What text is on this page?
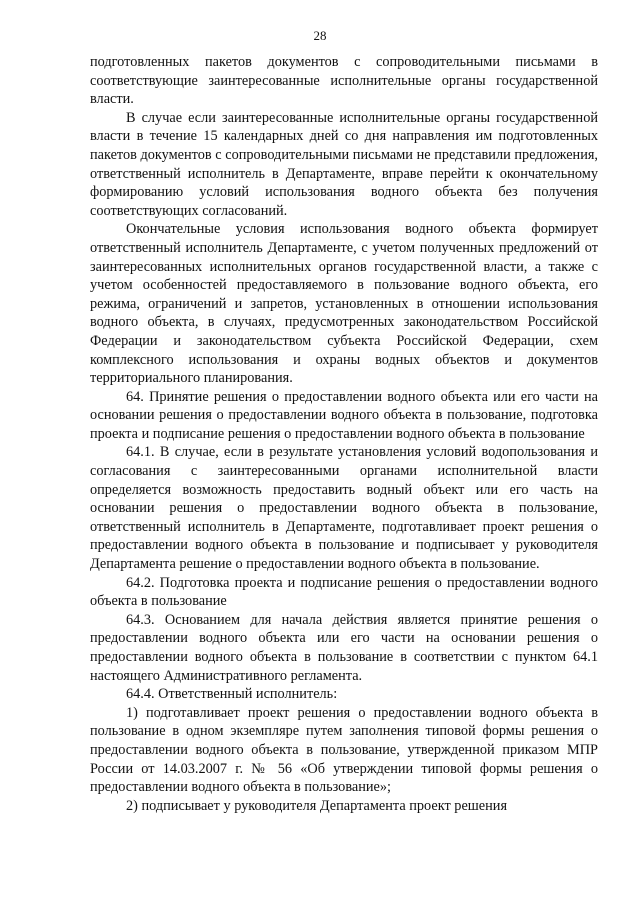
28

подготовленных пакетов документов с сопроводительными письмами в соответствующие заинтересованные исполнительные органы государственной власти.

В случае если заинтересованные исполнительные органы государственной власти в течение 15 календарных дней со дня направления им подготовленных пакетов документов с сопроводительными письмами не представили предложения, ответственный исполнитель в Департаменте, вправе перейти к окончательному формированию условий использования водного объекта без получения соответствующих согласований.

Окончательные условия использования водного объекта формирует ответственный исполнитель Департаменте, с учетом полученных предложений от заинтересованных исполнительных органов государственной власти, а также с учетом особенностей предоставляемого в пользование водного объекта, его режима, ограничений и запретов, установленных в отношении использования водного объекта, в случаях, предусмотренных законодательством Российской Федерации и законодательством субъекта Российской Федерации, схем комплексного использования и охраны водных объектов и документов территориального планирования.

64. Принятие решения о предоставлении водного объекта или его части на основании решения о предоставлении водного объекта в пользование, подготовка проекта и подписание решения о предоставлении водного объекта в пользование

64.1. В случае, если в результате установления условий водопользования и согласования с заинтересованными органами исполнительной власти определяется возможность предоставить водный объект или его часть на основании решения о предоставлении водного объекта в пользование, ответственный исполнитель в Департаменте, подготавливает проект решения о предоставлении водного объекта в пользование и подписывает у руководителя Департамента решение о предоставлении водного объекта в пользование.

64.2. Подготовка проекта и подписание решения о предоставлении водного объекта в пользование

64.3. Основанием для начала действия является принятие решения о предоставлении водного объекта или его части на основании решения о предоставлении водного объекта в пользование в соответствии с пунктом 64.1 настоящего Административного регламента.

64.4. Ответственный исполнитель:

1) подготавливает проект решения о предоставлении водного объекта в пользование в одном экземпляре путем заполнения типовой формы решения о предоставлении водного объекта в пользование, утвержденной приказом МПР России от 14.03.2007 г. № 56 «Об утверждении типовой формы решения о предоставлении водного объекта в пользование»;

2) подписывает у руководителя Департамента проект решения
